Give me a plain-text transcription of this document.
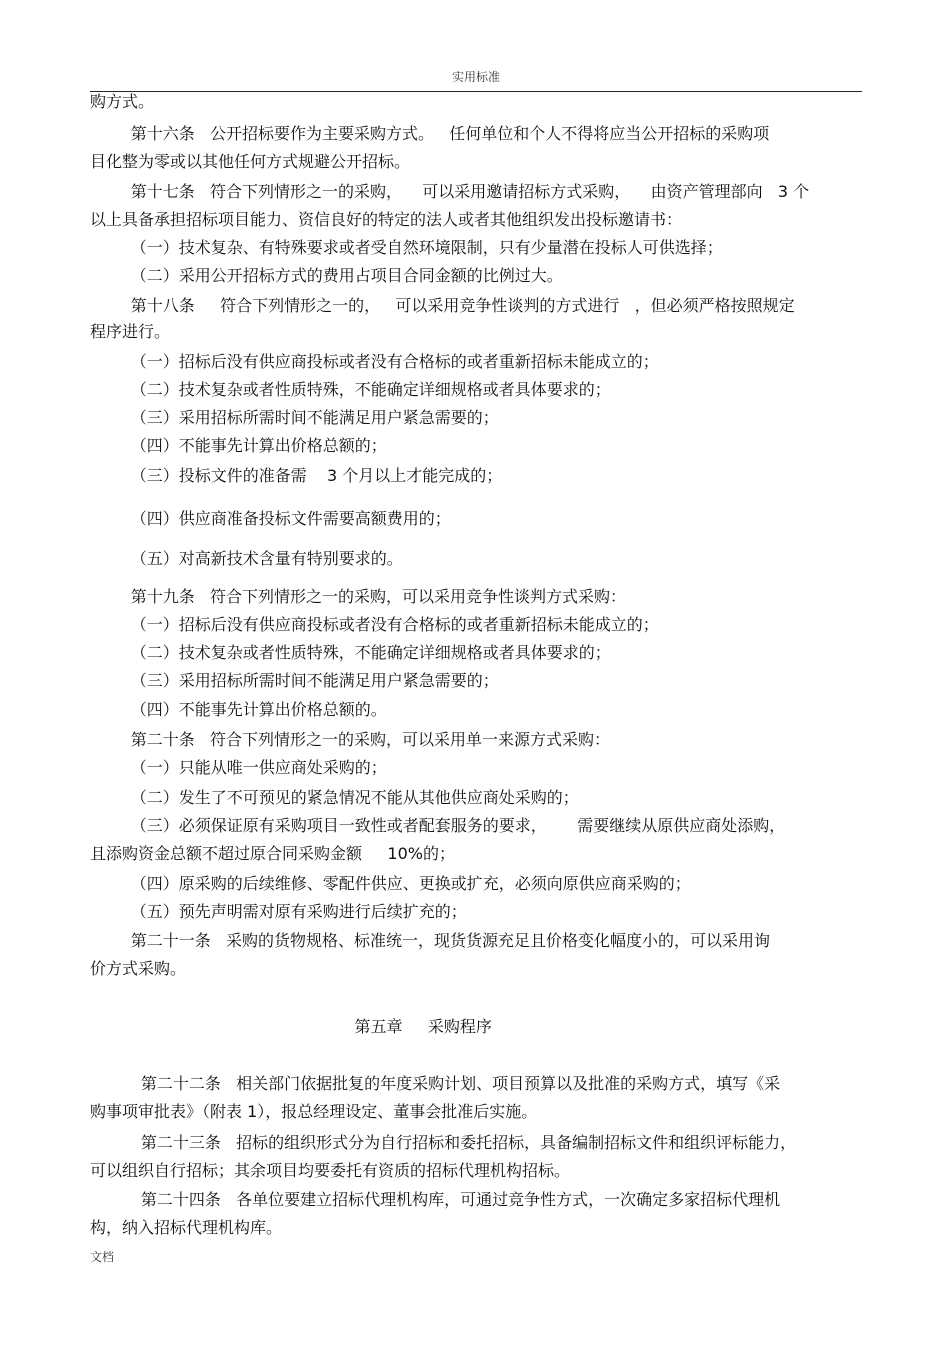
实用标准
购方式。
第十六条   公开招标要作为主要采购方式。   任何单位和个人不得将应当公开招标的采购项
目化整为零或以其他任何方式规避公开招标。
第十七条   符合下列情形之一的采购，    可以采用邀请招标方式采购，    由资产管理部向   3 个
以上具备承担招标项目能力、资信良好的特定的法人或者其他组织发出投标邀请书：
（一）技术复杂、有特殊要求或者受自然环境限制，只有少量潜在投标人可供选择；
（二）采用公开招标方式的费用占项目合同金额的比例过大。
第十八条     符合下列情形之一的，   可以采用竞争性谈判的方式进行   ，但必须严格按照规定
程序进行。
（一）招标后没有供应商投标或者没有合格标的或者重新招标未能成立的；
（二）技术复杂或者性质特殊，不能确定详细规格或者具体要求的；
（三）采用招标所需时间不能满足用户紧急需要的；
（四）不能事先计算出价格总额的；
（三）投标文件的准备需    3 个月以上才能完成的；
（四）供应商准备投标文件需要高额费用的；
（五）对高新技术含量有特别要求的。
第十九条   符合下列情形之一的采购，可以采用竞争性谈判方式采购：
（一）招标后没有供应商投标或者没有合格标的或者重新招标未能成立的；
（二）技术复杂或者性质特殊，不能确定详细规格或者具体要求的；
（三）采用招标所需时间不能满足用户紧急需要的；
（四）不能事先计算出价格总额的。
第二十条   符合下列情形之一的采购，可以采用单一来源方式采购：
（一）只能从唯一供应商处采购的；
（二）发生了不可预见的紧急情况不能从其他供应商处采购的；
（三）必须保证原有采购项目一致性或者配套服务的要求，      需要继续从原供应商处添购，
且添购资金总额不超过原合同采购金额     10%的；
（四）原采购的后续维修、零配件供应、更换或扩充，必须向原供应商采购的；
（五）预先声明需对原有采购进行后续扩充的；
第二十一条   采购的货物规格、标准统一，现货货源充足且价格变化幅度小的，可以采用询
价方式采购。
第五章     采购程序
第二十二条   相关部门依据批复的年度采购计划、项目预算以及批准的采购方式，填写《采
购事项审批表》（附表 1），报总经理设定、董事会批准后实施。
第二十三条   招标的组织形式分为自行招标和委托招标，具备编制招标文件和组织评标能力，
可以组织自行招标；其余项目均要委托有资质的招标代理机构招标。
第二十四条   各单位要建立招标代理机构库，可通过竞争性方式，一次确定多家招标代理机
构，纳入招标代理机构库。
文档
